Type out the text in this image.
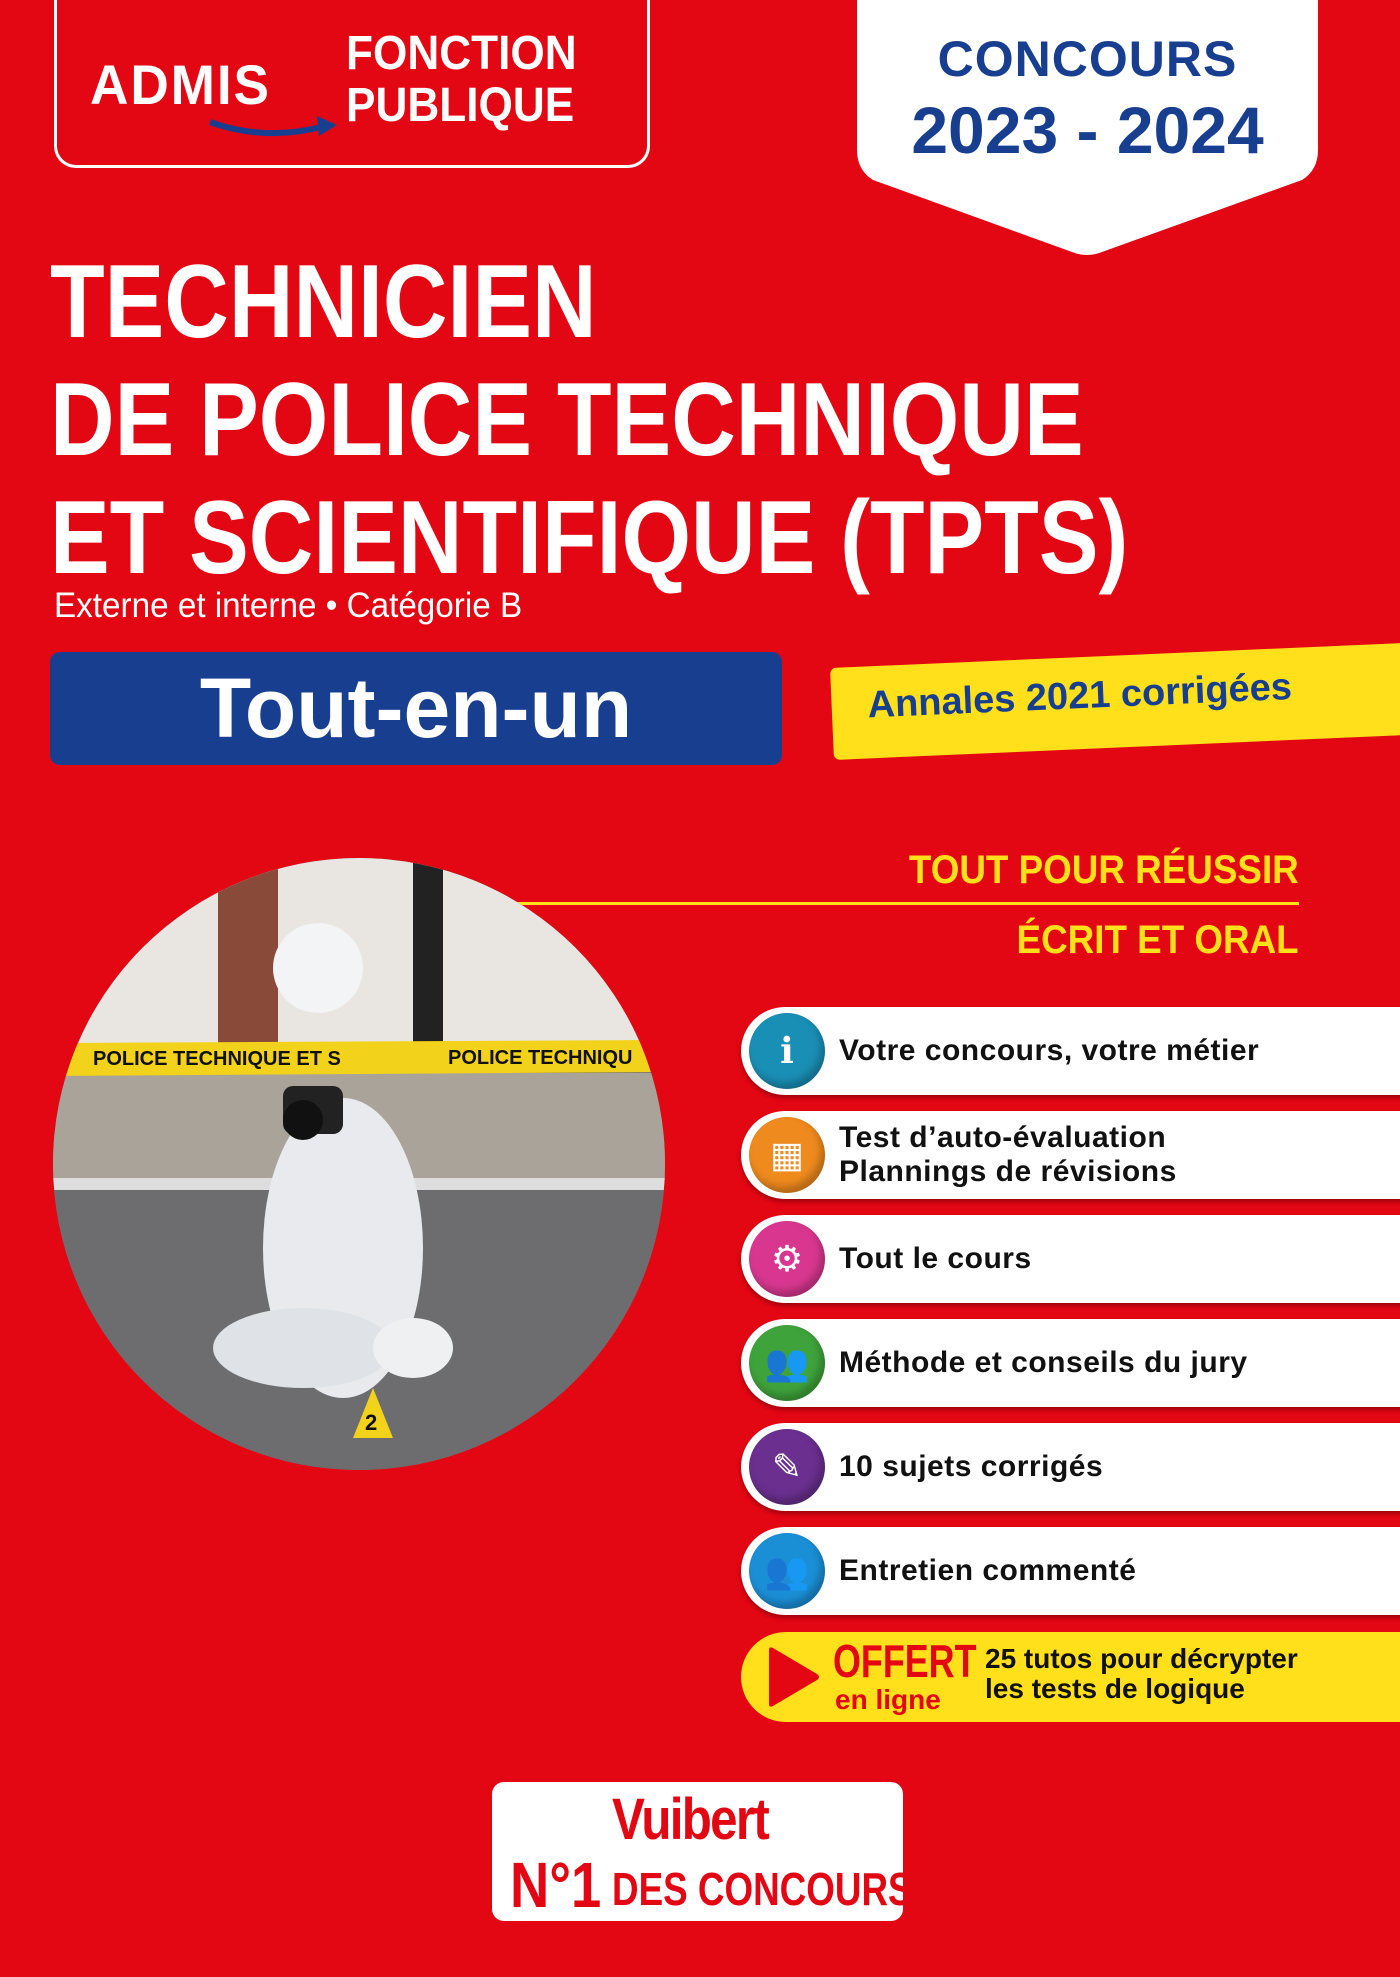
ADMIS FONCTION
PUBLIQUE
CONCOURS
2023 - 2024
TECHNICIEN
DE POLICE TECHNIQUE
ET SCIENTIFIQUE (TPTS)
Externe et interne • Catégorie B
Tout-en-un	Annales 2021 corrigées
TOUT POUR RÉUSSIR
ÉCRIT ET ORAL
2
POLICE TECHNIQUE ET S	POLICE TECHNIQU	ℹ	Votre concours, votre métier
▦	Test d’auto-évaluation
Plannings de révisions
⚙	Tout le cours
👥 Méthode et conseils du jury
✎	10 sujets corrigés
👥 Entretien commenté
OFFERT
en ligne
25 tutos pour décrypter
les tests de logique
Vuibert
N°1 DES CONCOURS
